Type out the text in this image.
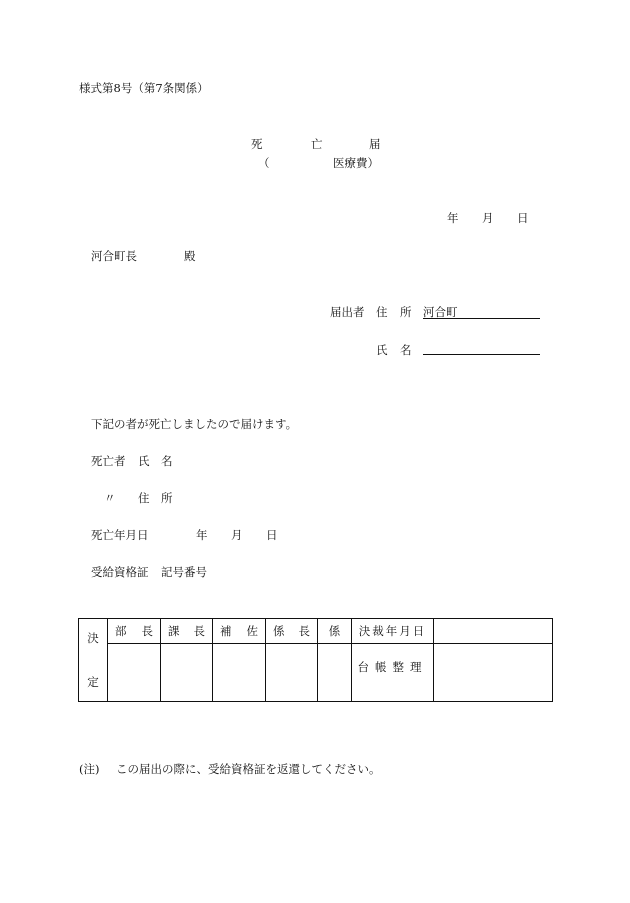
様式第8号（第7条関係）
死	亡	届
（	医療費）
年 月 日
河合町長	殿
届出者 住 所 河合町
氏 名
下記の者が死亡しましたので届けます。
死亡者 氏 名
〃 住 所
死亡年月日	年 月 日
受給資格証 記号番号
決
定	部 長	課 長	補 佐	係 長	係	決裁年月日	
						台帳整理	
(注) この届出の際に、受給資格証を返還してください。
